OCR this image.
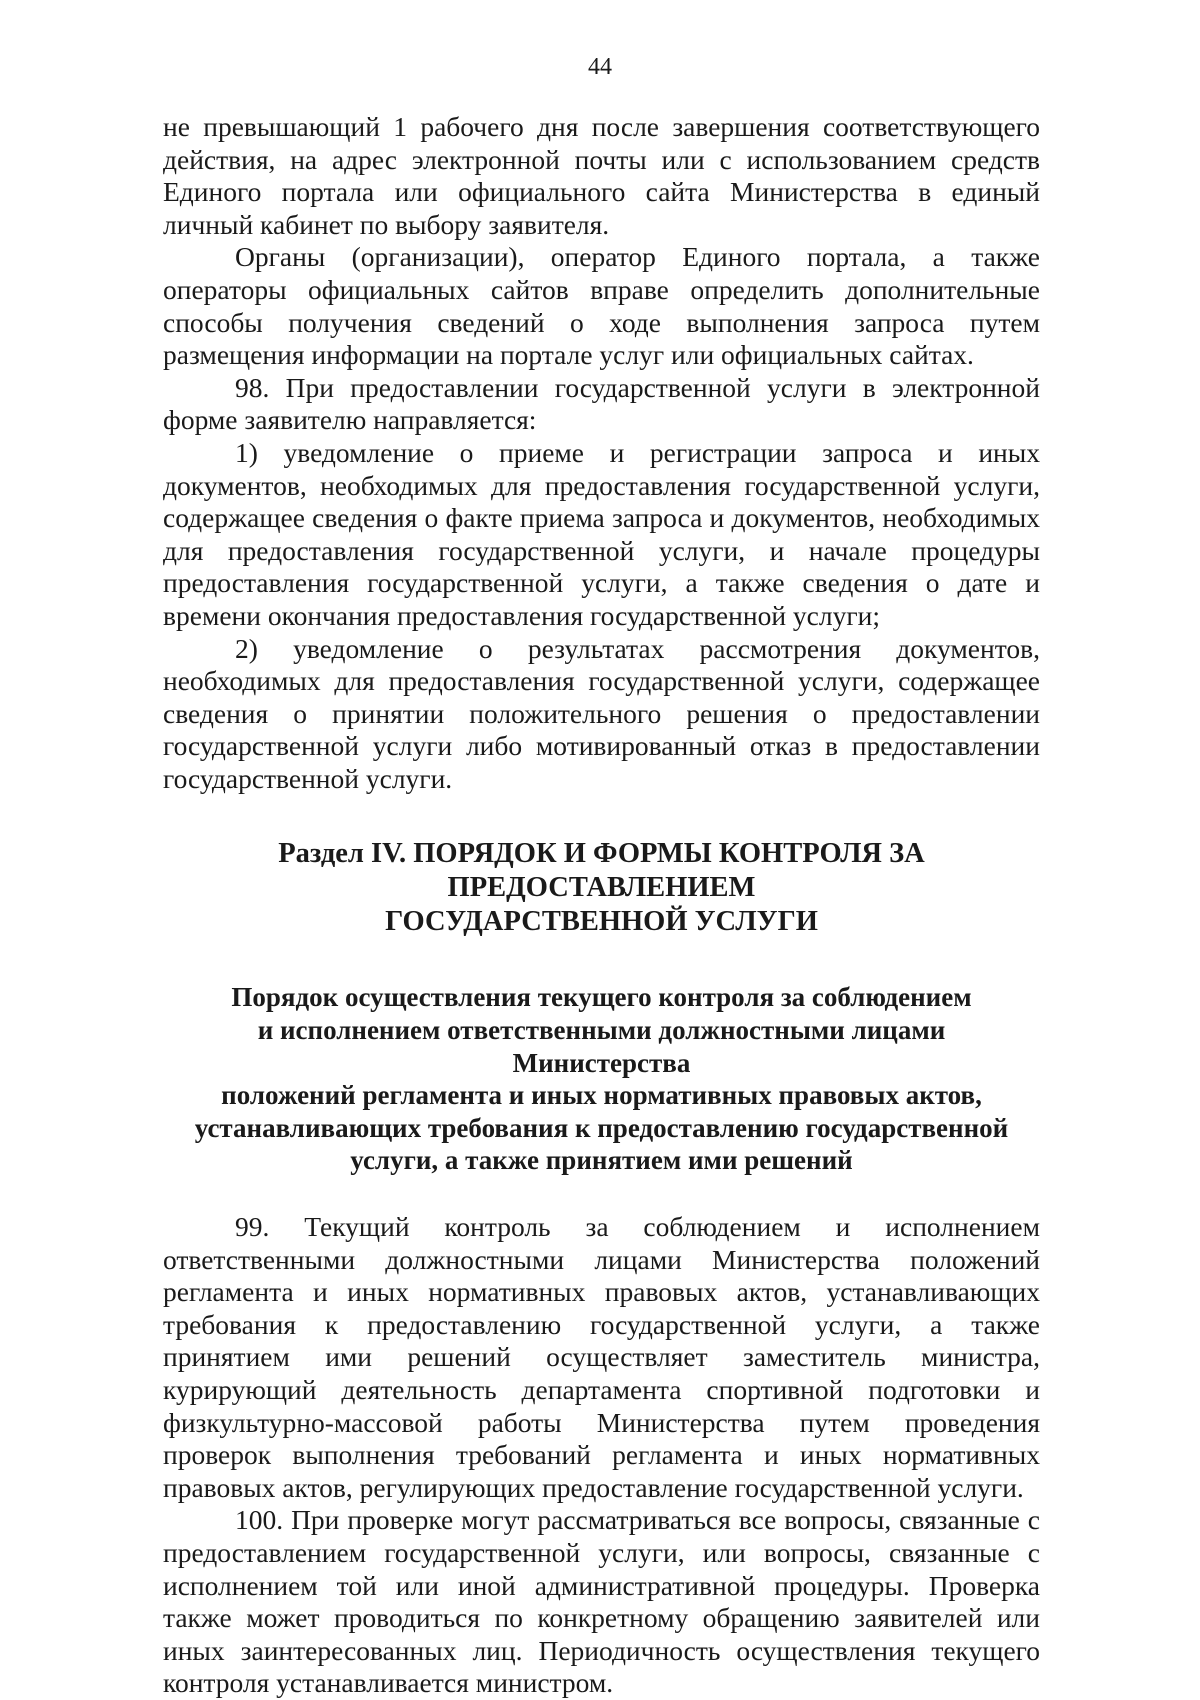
44

не превышающий 1 рабочего дня после завершения соответствующего действия, на адрес электронной почты или с использованием средств Единого портала или официального сайта Министерства в единый личный кабинет по выбору заявителя.

Органы (организации), оператор Единого портала, а также операторы официальных сайтов вправе определить дополнительные способы получения сведений о ходе выполнения запроса путем размещения информации на портале услуг или официальных сайтах.

98. При предоставлении государственной услуги в электронной форме заявителю направляется:

1) уведомление о приеме и регистрации запроса и иных документов, необходимых для предоставления государственной услуги, содержащее сведения о факте приема запроса и документов, необходимых для предоставления государственной услуги, и начале процедуры предоставления государственной услуги, а также сведения о дате и времени окончания предоставления государственной услуги;

2) уведомление о результатах рассмотрения документов, необходимых для предоставления государственной услуги, содержащее сведения о принятии положительного решения о предоставлении государственной услуги либо мотивированный отказ в предоставлении государственной услуги.

Раздел IV. ПОРЯДОК И ФОРМЫ КОНТРОЛЯ ЗА ПРЕДОСТАВЛЕНИЕМ
ГОСУДАРСТВЕННОЙ УСЛУГИ

Порядок осуществления текущего контроля за соблюдением
и исполнением ответственными должностными лицами Министерства
положений регламента и иных нормативных правовых актов,
устанавливающих требования к предоставлению государственной
услуги, а также принятием ими решений

99. Текущий контроль за соблюдением и исполнением ответственными должностными лицами Министерства положений регламента и иных нормативных правовых актов, устанавливающих требования к предоставлению государственной услуги, а также принятием ими решений осуществляет заместитель министра, курирующий деятельность департамента спортивной подготовки и физкультурно-массовой работы Министерства путем проведения проверок выполнения требований регламента и иных нормативных правовых актов, регулирующих предоставление государственной услуги.

100. При проверке могут рассматриваться все вопросы, связанные с предоставлением государственной услуги, или вопросы, связанные с исполнением той или иной административной процедуры. Проверка также может проводиться по конкретному обращению заявителей или иных заинтересованных лиц. Периодичность осуществления текущего контроля устанавливается министром.
